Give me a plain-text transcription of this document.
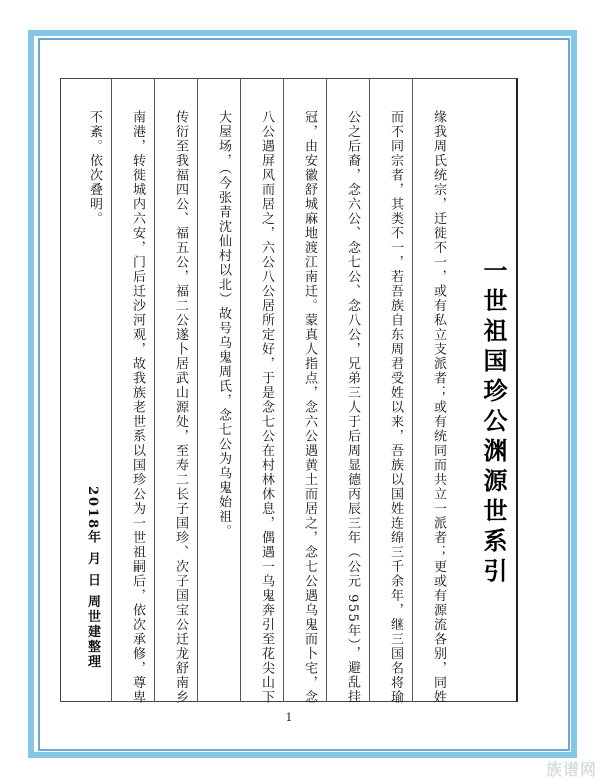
一世祖国珍公渊源世系引
缘我周氏统宗，迁徙不一，或有私立支派者；或有统同而共立一派者；更或有源流各别，同姓
而不同宗者，其类不一，若吾族自东周君受姓以来，吾族以国姓连绵三千余年，继三国名将瑜
公之后裔，念六公、念七公、念八公，兄弟三人于后周显德丙辰三年（公元 955年），避乱挂
冠，由安徽舒城麻地渡江南迁。蒙真人指点，念六公遇黄土而居之，念七公遇乌鬼而卜宅，念
八公遇屏风而居之，六公八公居所定好，于是念七公在村林休息，偶遇一乌鬼奔引至花尖山下
大屋场，（今张青沈仙村以北）故号乌鬼周氏，念七公为乌鬼始祖。
传衍至我福四公、福五公，福二公遂卜居武山源处，至寿二长子国珍、次子国宝公迁龙舒南乡
南港，转徙城内六安，门后迁沙河观，故我族老世系以国珍公为一世祖嗣后，依次承修，尊卑
不紊。依次叠明。
2018年 月 日 周世建整理
1
族谱网
